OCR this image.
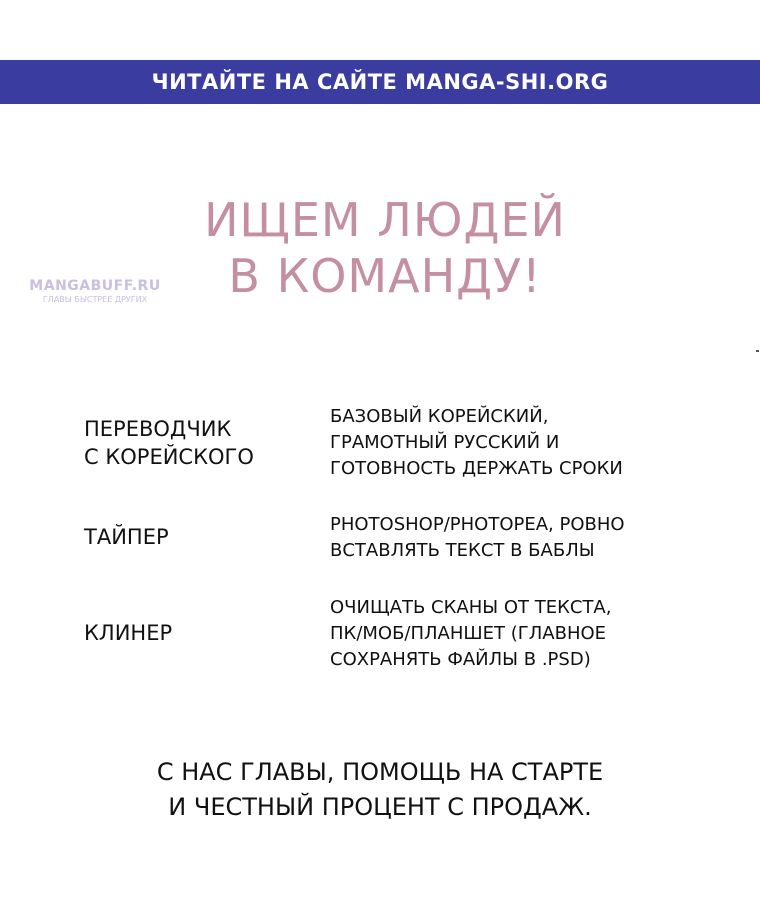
ЧИТАЙТЕ НА САЙТЕ MANGA-SHI.ORG
ИЩЕМ ЛЮДЕЙ
В КОМАНДУ!
MANGABUFF.RU
ГЛАВЫ БЫСТРЕЕ ДРУГИХ
ПЕРЕВОДЧИК
С КОРЕЙСКОГО
БАЗОВЫЙ КОРЕЙСКИЙ,
ГРАМОТНЫЙ РУССКИЙ И
ГОТОВНОСТЬ ДЕРЖАТЬ СРОКИ
ТАЙПЕР
PHOTOSHOP/PHOTOPEA, РОВНО
ВСТАВЛЯТЬ ТЕКСТ В БАБЛЫ
КЛИНЕР
ОЧИЩАТЬ СКАНЫ ОТ ТЕКСТА,
ПК/МОБ/ПЛАНШЕТ (ГЛАВНОЕ
СОХРАНЯТЬ ФАЙЛЫ В .PSD)
С НАС ГЛАВЫ, ПОМОЩЬ НА СТАРТЕ
И ЧЕСТНЫЙ ПРОЦЕНТ С ПРОДАЖ.
